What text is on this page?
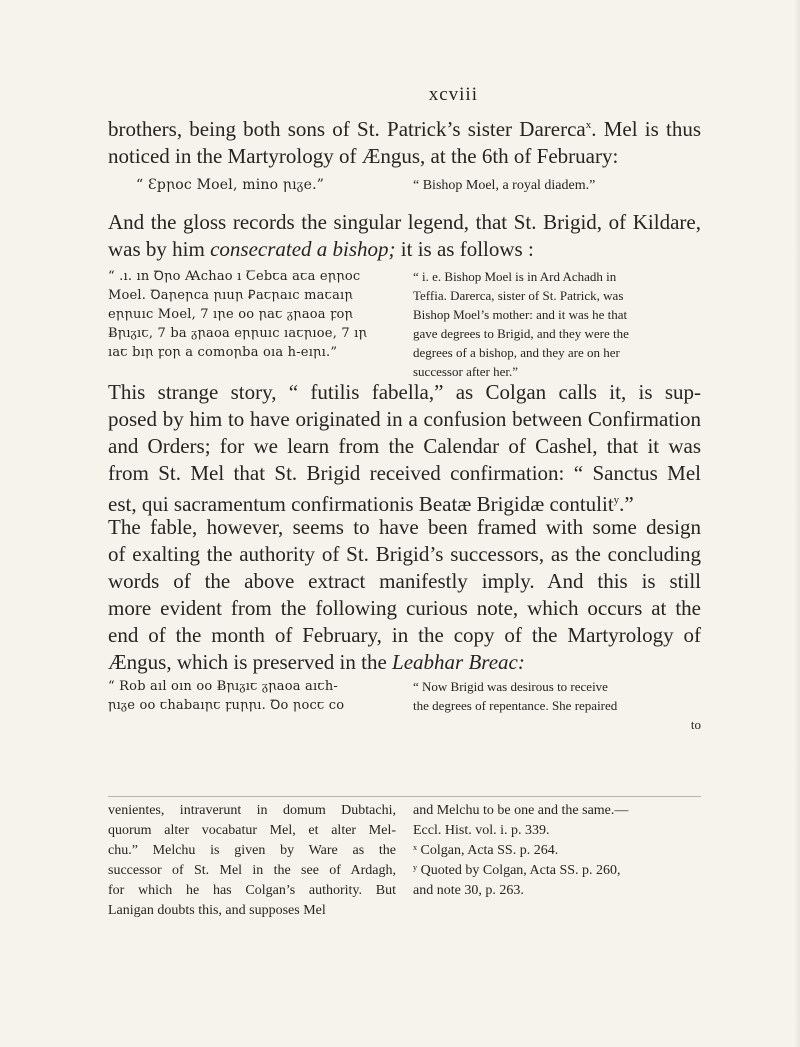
xcviii
brothers, being both sons of St. Patrick’s sister Darerca$^x$. Mel is thus
noticed in the Martyrology of Ængus, at the 6th of February:
“ Ɛpꞃoc Moel, mino ꞃıᵹe.”	“ Bishop Moel, a royal diadem.”
And the gloss records the singular legend, that St. Brigid, of Kildare,
was by him consecrated a bishop; it is as follows :
“ .ı. ın Ꝺꞃo Ꜳchao ı Ꞇebꞇa aꞇa eꞃꞃoc
Moel. Ꝺaꞃeꞃca ꞃıuꞃ Ꝑaꞇꞃaıc maꞇaıꞃ
eꞃꞃuıc Moel, 7 ıꞃe oo ꞃaꞇ ᵹꞃaoa ꝼoꞃ
Ƀꞃıᵹıꞇ, 7 ba ᵹꞃaoa eꞃꞃuıc ıaꞇꞃıoe, 7 ıꞃ
ıaꞇ bıꞃ ꝼoꞃ a comoꞃba oıa h-eıꞃı.”
“ i. e. Bishop Moel is in Ard Achadh in
Teffia. Darerca, sister of St. Patrick, was
Bishop Moel’s mother: and it was he that
gave degrees to Brigid, and they were the
degrees of a bishop, and they are on her
successor after her.”
This strange story, “ futilis fabella,” as Colgan calls it, is sup-
posed by him to have originated in a confusion between Confirmation
and Orders; for we learn from the Calendar of Cashel, that it was
from St. Mel that St. Brigid received confirmation: “ Sanctus Mel
est, qui sacramentum confirmationis Beatæ Brigidæ contulit$^y$.”
The fable, however, seems to have been framed with some design
of exalting the authority of St. Brigid’s successors, as the concluding
words of the above extract manifestly imply. And this is still
more evident from the following curious note, which occurs at the
end of the month of February, in the copy of the Martyrology of
Ængus, which is preserved in the Leabhar Breac:
“ Rob aıl oın oo Ƀꞃıᵹıꞇ ᵹꞃaoa aıꞇh-
ꞃıᵹe oo ꞇhabaıꞃꞇ ꝼuꞃꞃı. Ꝺo ꞃocꞇ co
“ Now Brigid was desirous to receive
the degrees of repentance. She repaired
to
venientes, intraverunt in domum Dubtachi,
quorum alter vocabatur Mel, et alter Mel-
chu.” Melchu is given by Ware as the
successor of St. Mel in the see of Ardagh,
for which he has Colgan’s authority. But
Lanigan doubts this, and supposes Mel
and Melchu to be one and the same.—
Eccl. Hist. vol. i. p. 339.
ˣ Colgan, Acta SS. p. 264.
ʸ Quoted by Colgan, Acta SS. p. 260,
and note 30, p. 263.
